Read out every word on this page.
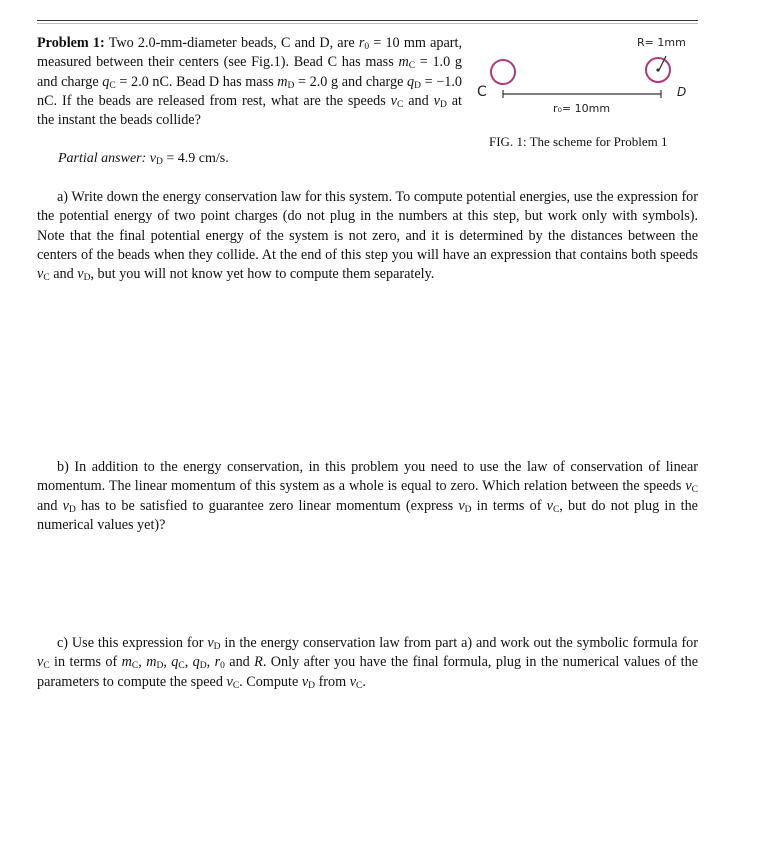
Problem 1: Two 2.0-mm-diameter beads, C and D, are $r_0 = 10$ mm apart, measured between their centers (see Fig.1). Bead C has mass $m_C = 1.0$ g and charge $q_C = 2.0$ nC. Bead D has mass $m_D = 2.0$ g and charge $q_D = -1.0$ nC. If the beads are released from rest, what are the speeds $v_C$ and $v_D$ at the instant the beads collide?
C
r₀= 10mm
D
R= 1mm
FIG. 1: The scheme for Problem 1
Partial answer: $v_D = 4.9$ cm/s.
a) Write down the energy conservation law for this system. To compute potential energies, use the expression for the potential energy of two point charges (do not plug in the numbers at this step, but work only with symbols). Note that the final potential energy of the system is not zero, and it is determined by the distances between the centers of the beads when they collide. At the end of this step you will have an expression that contains both speeds $v_C$ and $v_D$, but you will not know yet how to compute them separately.
b) In addition to the energy conservation, in this problem you need to use the law of conservation of linear momentum. The linear momentum of this system as a whole is equal to zero. Which relation between the speeds $v_C$ and $v_D$ has to be satisfied to guarantee zero linear momentum (express $v_D$ in terms of $v_C$, but do not plug in the numerical values yet)?
c) Use this expression for $v_D$ in the energy conservation law from part a) and work out the symbolic formula for $v_C$ in terms of $m_C$, $m_D$, $q_C$, $q_D$, $r_0$ and R. Only after you have the final formula, plug in the numerical values of the parameters to compute the speed $v_C$. Compute $v_D$ from $v_C$.
